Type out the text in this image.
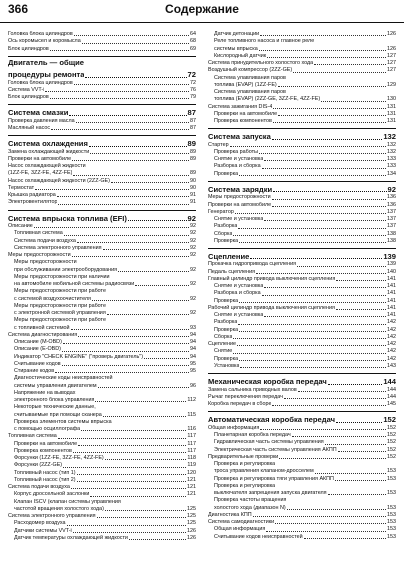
366	Содержание
Головка блока цилиндров	64
Ось коромысел и коромысла	68
Блок цилиндров	69
Двигатель — общие
процедуры ремонта	72
Головка блока цилиндров	72
Система VVT-i	76
Блок цилиндров	79
Система смазки	87
Проверка давления масла	87
Масляный насос	87
Система охлаждения	89
Замена охлаждающей жидкости	89
Проверки на автомобиле	89
Насос охлаждающей жидкости
(1ZZ-FE, 3ZZ-FE, 4ZZ-FE)	89
Насос охлаждающей жидкости (2ZZ-GE)	90
Термостат	90
Крышка радиатора	91
Электровентилятор	91
Система впрыска топлива (EFI)	92
Описание	92
Топливная система	92
Система подачи воздуха	92
Система электронного управления	92
Меры предосторожности	92
Меры предосторожности
при обслуживании электрооборудования	92
Меры предосторожности при наличии
на автомобиле мобильной системы радиосвязи	92
Меры предосторожности при работе
с системой воздухоочистителя	92
Меры предосторожности при работе
с электронной системой управления	92
Меры предосторожности при работе
с топливной системой	93
Система диагностирования	94
Описание (M-OBD)	94
Описание (E-OBD)	94
Индикатор "CHECK ENGINE" ("проверь двигатель")	94
Считывание кодов	95
Стирание кодов	95
Диагностические коды неисправностей
системы управления двигателем	96
Напряжение на выводах
электронного блока управления	112
Некоторые технические данные,
считываемые при помощи сканера	115
Проверка элементов системы впрыска
с помощью осциллографа	116
Топливная система	117
Проверки на автомобиле	117
Проверка компонентов	117
Форсунки (1ZZ-FE, 3ZZ-FE, 4ZZ-FE)	118
Форсунки (2ZZ-GE)	119
Топливный насос (тип 1)	120
Топливный насос (тип 2)	121
Система подачи воздуха	121
Корпус дроссельной заслонки	121
Клапан ISCV (клапан системы управления
частотой вращения холостого хода)	125
Система электронного управления	125
Расходомер воздуха	125
Датчики системы VVT-i	126
Датчик температуры охлаждающей жидкости	126
Датчик детонации	126
Реле топливного насоса и главное реле
системы впрыска	126
Кислородный датчик	127
Система принудительного холостого хода	127
Воздушный компрессор (2ZZ-GE)	127
Система улавливания паров
топлива (EVAP) (1ZZ-FE)	129
Система улавливания паров
топлива (EVAP) (2ZZ-GE, 3ZZ-FE, 4ZZ-FE)	130
Система зажигания DIS-4	131
Проверки на автомобиле	131
Проверка компонентов	131
Система запуска	132
Стартер	132
Проверка работы	132
Снятие и установка	133
Разборка и сборка	133
Проверка	134
Система зарядки	92
Меры предосторожности	136
Проверки на автомобиле	136
Генератор	137
Снятие и установка	137
Разборка	137
Сборка	138
Проверка	138
Сцепление	139
Прокачка гидропривода сцепления	139
Педаль сцепления	140
Главный цилиндр привода выключения сцепления	141
Снятие и установка	141
Разборка и сборка	141
Проверка	141
Рабочий цилиндр привода выключения сцепления	141
Снятие и установка	141
Разборка	142
Проверка	142
Сборка	142
Сцепление	142
Снятие	142
Проверка	142
Установка	143
Механическая коробка передач	144
Замена сальника приводных валов	144
Рычаг переключения передач	144
Коробка передач в сборе	145
Автоматическая коробка передач	152
Общая информация	152
Планетарная коробка передач	152
Гидравлическая часть системы управления	152
Электрическая часть системы управления АКПП	152
Предварительные проверки	152
Проверка и регулировка
троса управления клапаном-дросселем	153
Проверка и регулировка тяги управления АКПП	153
Проверка и регулировка
выключателя запрещения запуска двигателя	153
Проверка частоты вращения
холостого хода (диапазон N)	153
Диагностика КПП	153
Система самодиагностики	153
Общая информация	153
Считывание кодов неисправностей	153
